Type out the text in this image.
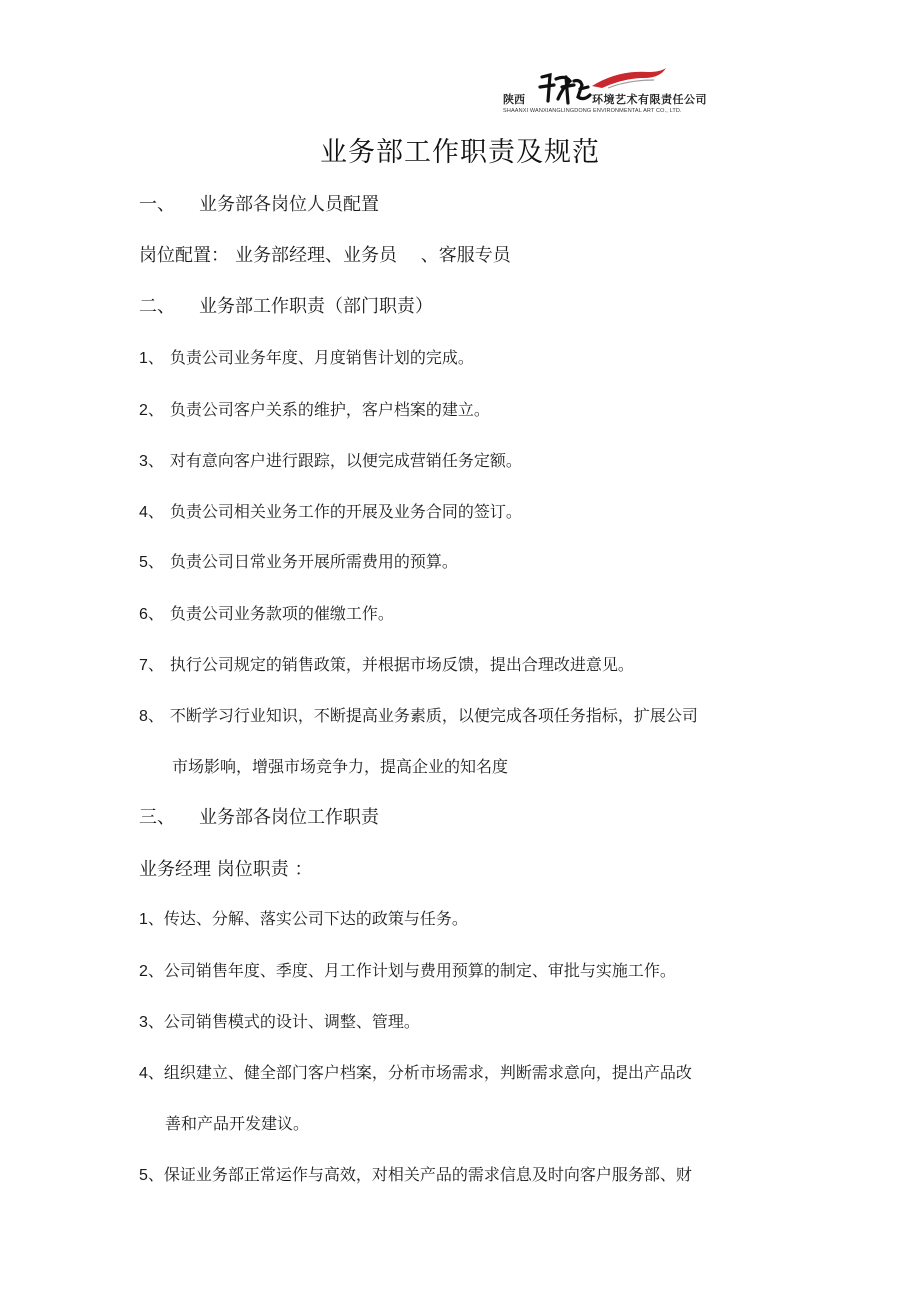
陕西	环境艺术有限责任公司
SHAANXI WANXIANGLINGDONG ENVIRONMENTAL ART CO., LTD.
业务部工作职责及规范
一、 业务部各岗位人员配置
岗位配置： 业务部经理、业务员 　、客服专员
二、 业务部工作职责（部门职责）
1、 负责公司业务年度、月度销售计划的完成。
2、 负责公司客户关系的维护，客户档案的建立。
3、 对有意向客户进行跟踪，以便完成营销任务定额。
4、 负责公司相关业务工作的开展及业务合同的签订。
5、 负责公司日常业务开展所需费用的预算。
6、 负责公司业务款项的催缴工作。
7、 执行公司规定的销售政策，并根据市场反馈，提出合理改进意见。
8、 不断学习行业知识，不断提高业务素质，以便完成各项任务指标，扩展公司
市场影响，增强市场竞争力，提高企业的知名度
三、 业务部各岗位工作职责
业务经理 岗位职责 ：
1、传达、分解、落实公司下达的政策与任务。
2、公司销售年度、季度、月工作计划与费用预算的制定、审批与实施工作。
3、公司销售模式的设计、调整、管理。
4、组织建立、健全部门客户档案，分析市场需求，判断需求意向，提出产品改
善和产品开发建议。
5、保证业务部正常运作与高效，对相关产品的需求信息及时向客户服务部、财
